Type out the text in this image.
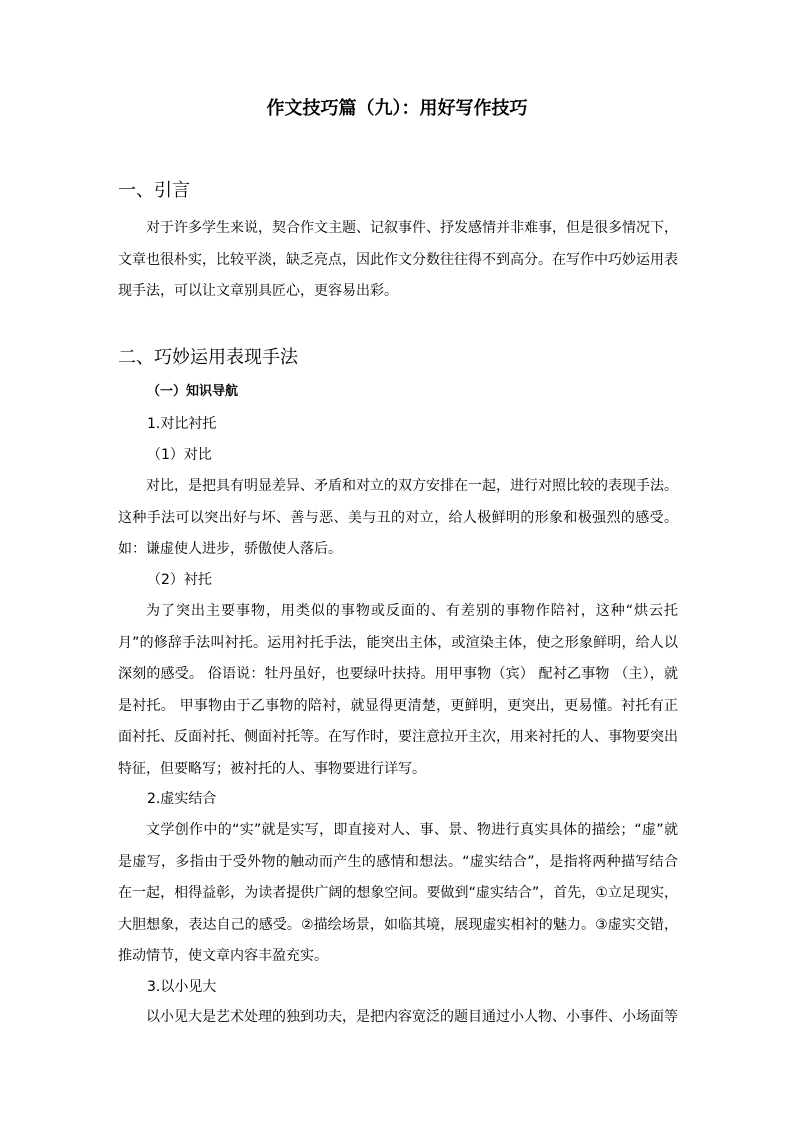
作文技巧篇（九）：用好写作技巧
一、引言

对于许多学生来说，契合作文主题、记叙事件、抒发感情并非难事，但是很多情况下，文章也很朴实，比较平淡，缺乏亮点，因此作文分数往往得不到高分。在写作中巧妙运用表现手法，可以让文章别具匠心，更容易出彩。

二、巧妙运用表现手法
（一）知识导航
1.对比衬托
（1）对比

对比，是把具有明显差异、矛盾和对立的双方安排在一起，进行对照比较的表现手法。这种手法可以突出好与坏、善与恶、美与丑的对立，给人极鲜明的形象和极强烈的感受。如：谦虚使人进步，骄傲使人落后。

（2）衬托

为了突出主要事物，用类似的事物或反面的、有差别的事物作陪衬，这种“烘云托月”的修辞手法叫衬托。运用衬托手法，能突出主体，或渲染主体，使之形象鲜明，给人以深刻的感受。 俗语说：牡丹虽好，也要绿叶扶持。用甲事物（宾） 配衬乙事物 （主），就是衬托。 甲事物由于乙事物的陪衬，就显得更清楚，更鲜明，更突出，更易懂。衬托有正面衬托、反面衬托、侧面衬托等。在写作时，要注意拉开主次，用来衬托的人、事物要突出特征，但要略写；被衬托的人、事物要进行详写。

2.虚实结合

文学创作中的“实”就是实写，即直接对人、事、景、物进行真实具体的描绘；“虚”就是虚写，多指由于受外物的触动而产生的感情和想法。“虚实结合”，是指将两种描写结合在一起，相得益彰，为读者提供广阔的想象空间。要做到“虚实结合”，首先，①立足现实，大胆想象，表达自己的感受。②描绘场景，如临其境，展现虚实相衬的魅力。③虚实交错，推动情节，使文章内容丰盈充实。

3.以小见大

以小见大是艺术处理的独到功夫，是把内容宽泛的题目通过小人物、小事件、小场面等
